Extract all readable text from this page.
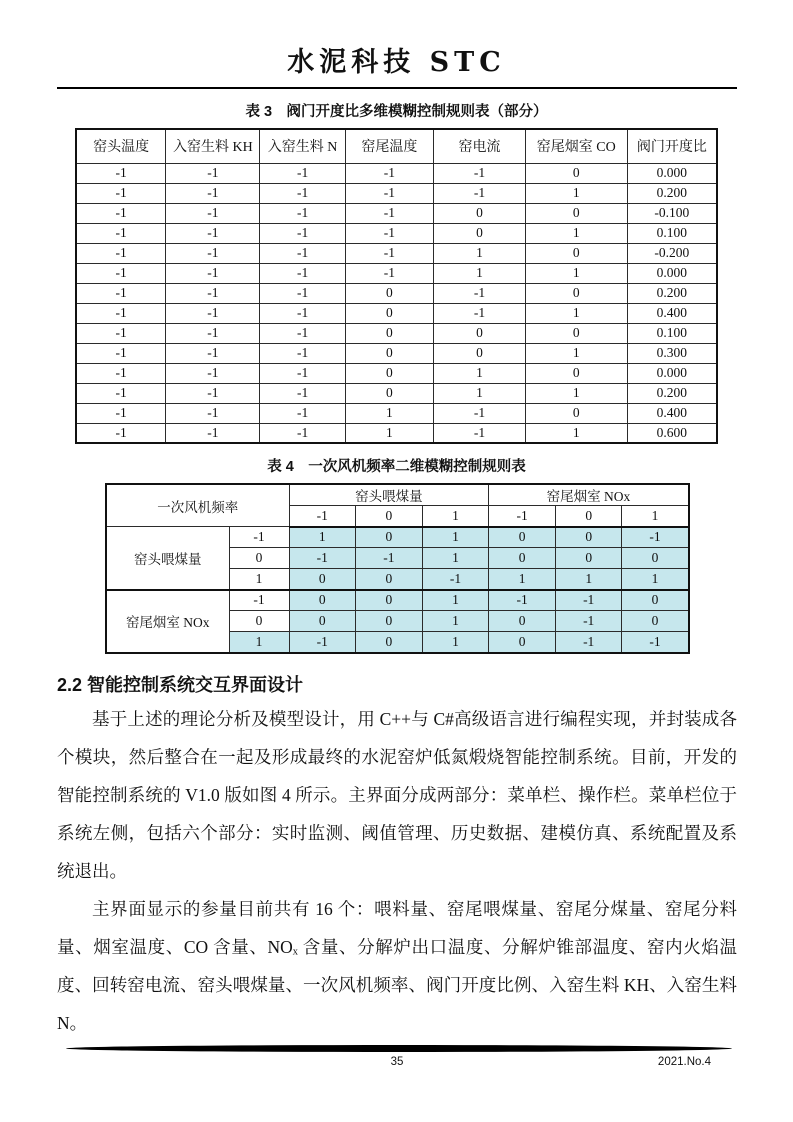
水泥科技 STC
表 3　阀门开度比多维模糊控制规则表（部分）
窑头温度	入窑生料 KH	入窑生料 N	窑尾温度	窑电流	窑尾烟室 CO	阀门开度比
-1	-1	-1	-1	-1	0	0.000
-1	-1	-1	-1	-1	1	0.200
-1	-1	-1	-1	0	0	-0.100
-1	-1	-1	-1	0	1	0.100
-1	-1	-1	-1	1	0	-0.200
-1	-1	-1	-1	1	1	0.000
-1	-1	-1	0	-1	0	0.200
-1	-1	-1	0	-1	1	0.400
-1	-1	-1	0	0	0	0.100
-1	-1	-1	0	0	1	0.300
-1	-1	-1	0	1	0	0.000
-1	-1	-1	0	1	1	0.200
-1	-1	-1	1	-1	0	0.400
-1	-1	-1	1	-1	1	0.600
表 4　一次风机频率二维模糊控制规则表
一次风机频率		窑头喂煤量			窑尾烟室 NOx		
		-1	0	1	-1	0	1
窑头喂煤量	-1	1	0	1	0	0	-1
	0	-1	-1	1	0	0	0
	1	0	0	-1	1	1	1
窑尾烟室 NOx	-1	0	0	1	-1	-1	0
	0	0	0	1	0	-1	0
	1	-1	0	1	0	-1	-1
2.2 智能控制系统交互界面设计

基于上述的理论分析及模型设计，用 C++与 C#高级语言进行编程实现，并封装成各个模块，然后整合在一起及形成最终的水泥窑炉低氮煅烧智能控制系统。目前，开发的智能控制系统的 V1.0 版如图 4 所示。主界面分成两部分：菜单栏、操作栏。菜单栏位于系统左侧，包括六个部分：实时监测、阈值管理、历史数据、建模仿真、系统配置及系统退出。

主界面显示的参量目前共有 16 个：喂料量、窑尾喂煤量、窑尾分煤量、窑尾分料量、烟室温度、CO 含量、NOₓ 含量、分解炉出口温度、分解炉锥部温度、窑内火焰温度、回转窑电流、窑头喂煤量、一次风机频率、阀门开度比例、入窑生料 KH、入窑生料 N。

35	2021.No.4
